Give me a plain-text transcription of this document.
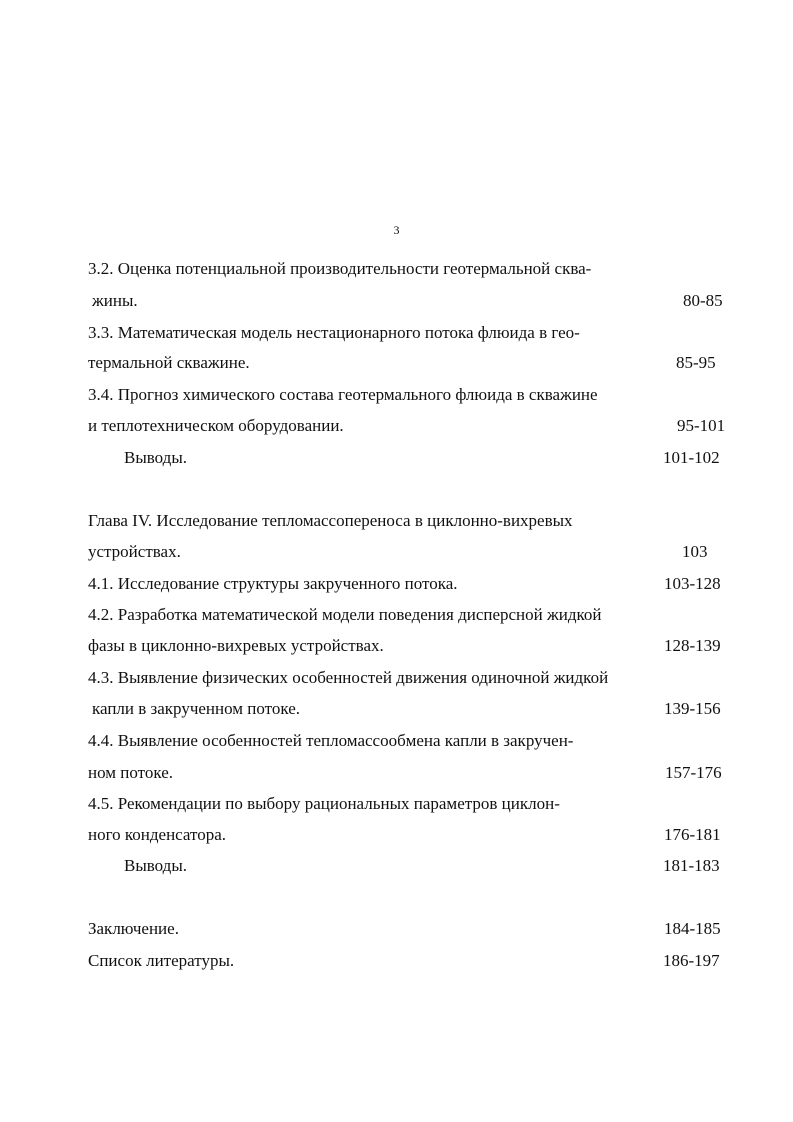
3
3.2. Оценка потенциальной производительности геотермальной сква-
жины.	80-85
3.3. Математическая модель нестационарного потока флюида в гео-
термальной скважине.	85-95
3.4. Прогноз химического состава геотермального флюида в скважине
и теплотехническом оборудовании.	95-101
Выводы.	101-102
Глава IV. Исследование тепломассопереноса в циклонно-вихревых
устройствах.	103
4.1. Исследование структуры закрученного потока.	103-128
4.2. Разработка математической модели поведения дисперсной жидкой
фазы в циклонно-вихревых устройствах.	128-139
4.3. Выявление физических особенностей движения одиночной жидкой
капли в закрученном потоке.	139-156
4.4. Выявление особенностей тепломассообмена капли в закручен-
ном потоке.	157-176
4.5. Рекомендации по выбору рациональных параметров циклон-
ного конденсатора.	176-181
Выводы.	181-183
Заключение.	184-185
Список литературы.	186-197
